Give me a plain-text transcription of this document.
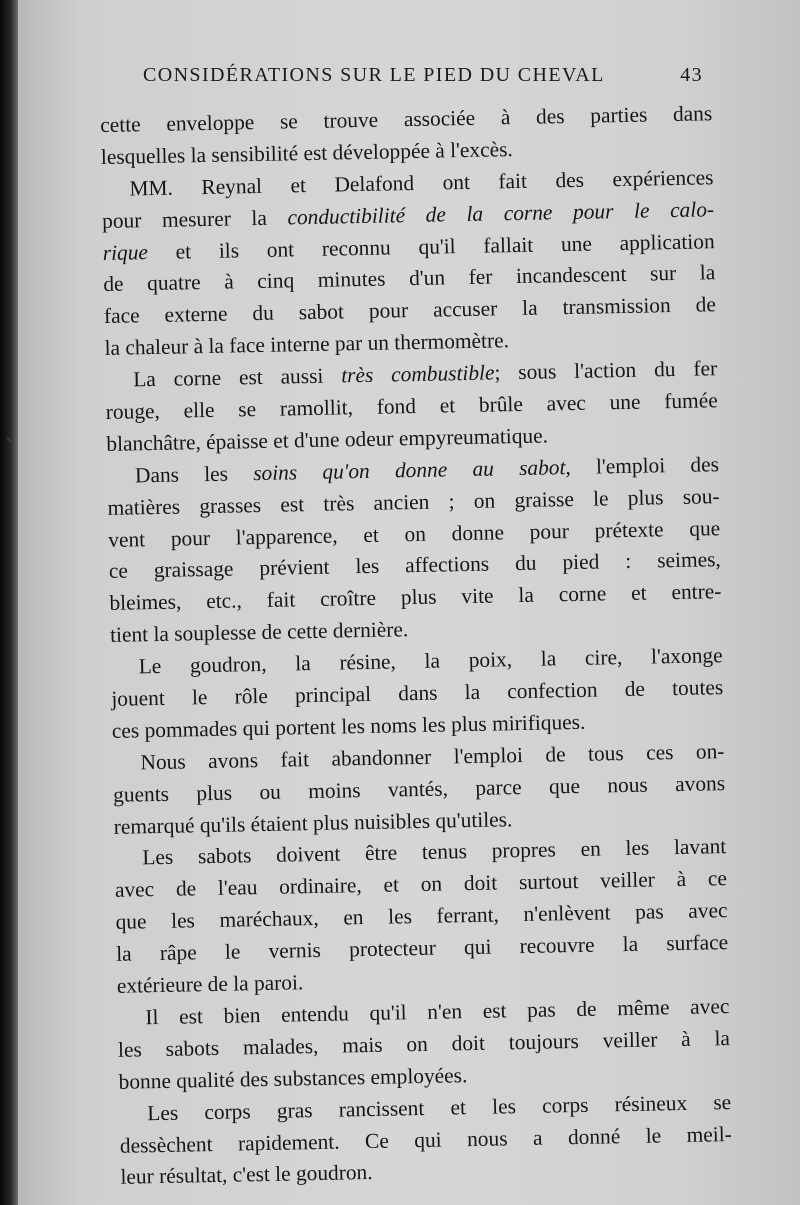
CONSIDÉRATIONS SUR LE PIED DU CHEVAL	43
cette enveloppe se trouve associée à des parties dans
lesquelles la sensibilité est développée à l'excès.
MM. Reynal et Delafond ont fait des expériences
pour mesurer la conductibilité de la corne pour le calo-
rique et ils ont reconnu qu'il fallait une application
de quatre à cinq minutes d'un fer incandescent sur la
face externe du sabot pour accuser la transmission de
la chaleur à la face interne par un thermomètre.
La corne est aussi très combustible; sous l'action du fer
rouge, elle se ramollit, fond et brûle avec une fumée
blanchâtre, épaisse et d'une odeur empyreumatique.
Dans les soins qu'on donne au sabot, l'emploi des
matières grasses est très ancien ; on graisse le plus sou-
vent pour l'apparence, et on donne pour prétexte que
ce graissage prévient les affections du pied : seimes,
bleimes, etc., fait croître plus vite la corne et entre-
tient la souplesse de cette dernière.
Le goudron, la résine, la poix, la cire, l'axonge
jouent le rôle principal dans la confection de toutes
ces pommades qui portent les noms les plus mirifiques.
Nous avons fait abandonner l'emploi de tous ces on-
guents plus ou moins vantés, parce que nous avons
remarqué qu'ils étaient plus nuisibles qu'utiles.
Les sabots doivent être tenus propres en les lavant
avec de l'eau ordinaire, et on doit surtout veiller à ce
que les maréchaux, en les ferrant, n'enlèvent pas avec
la râpe le vernis protecteur qui recouvre la surface
extérieure de la paroi.
Il est bien entendu qu'il n'en est pas de même avec
les sabots malades, mais on doit toujours veiller à la
bonne qualité des substances employées.
Les corps gras rancissent et les corps résineux se
dessèchent rapidement. Ce qui nous a donné le meil-
leur résultat, c'est le goudron.
⸜
